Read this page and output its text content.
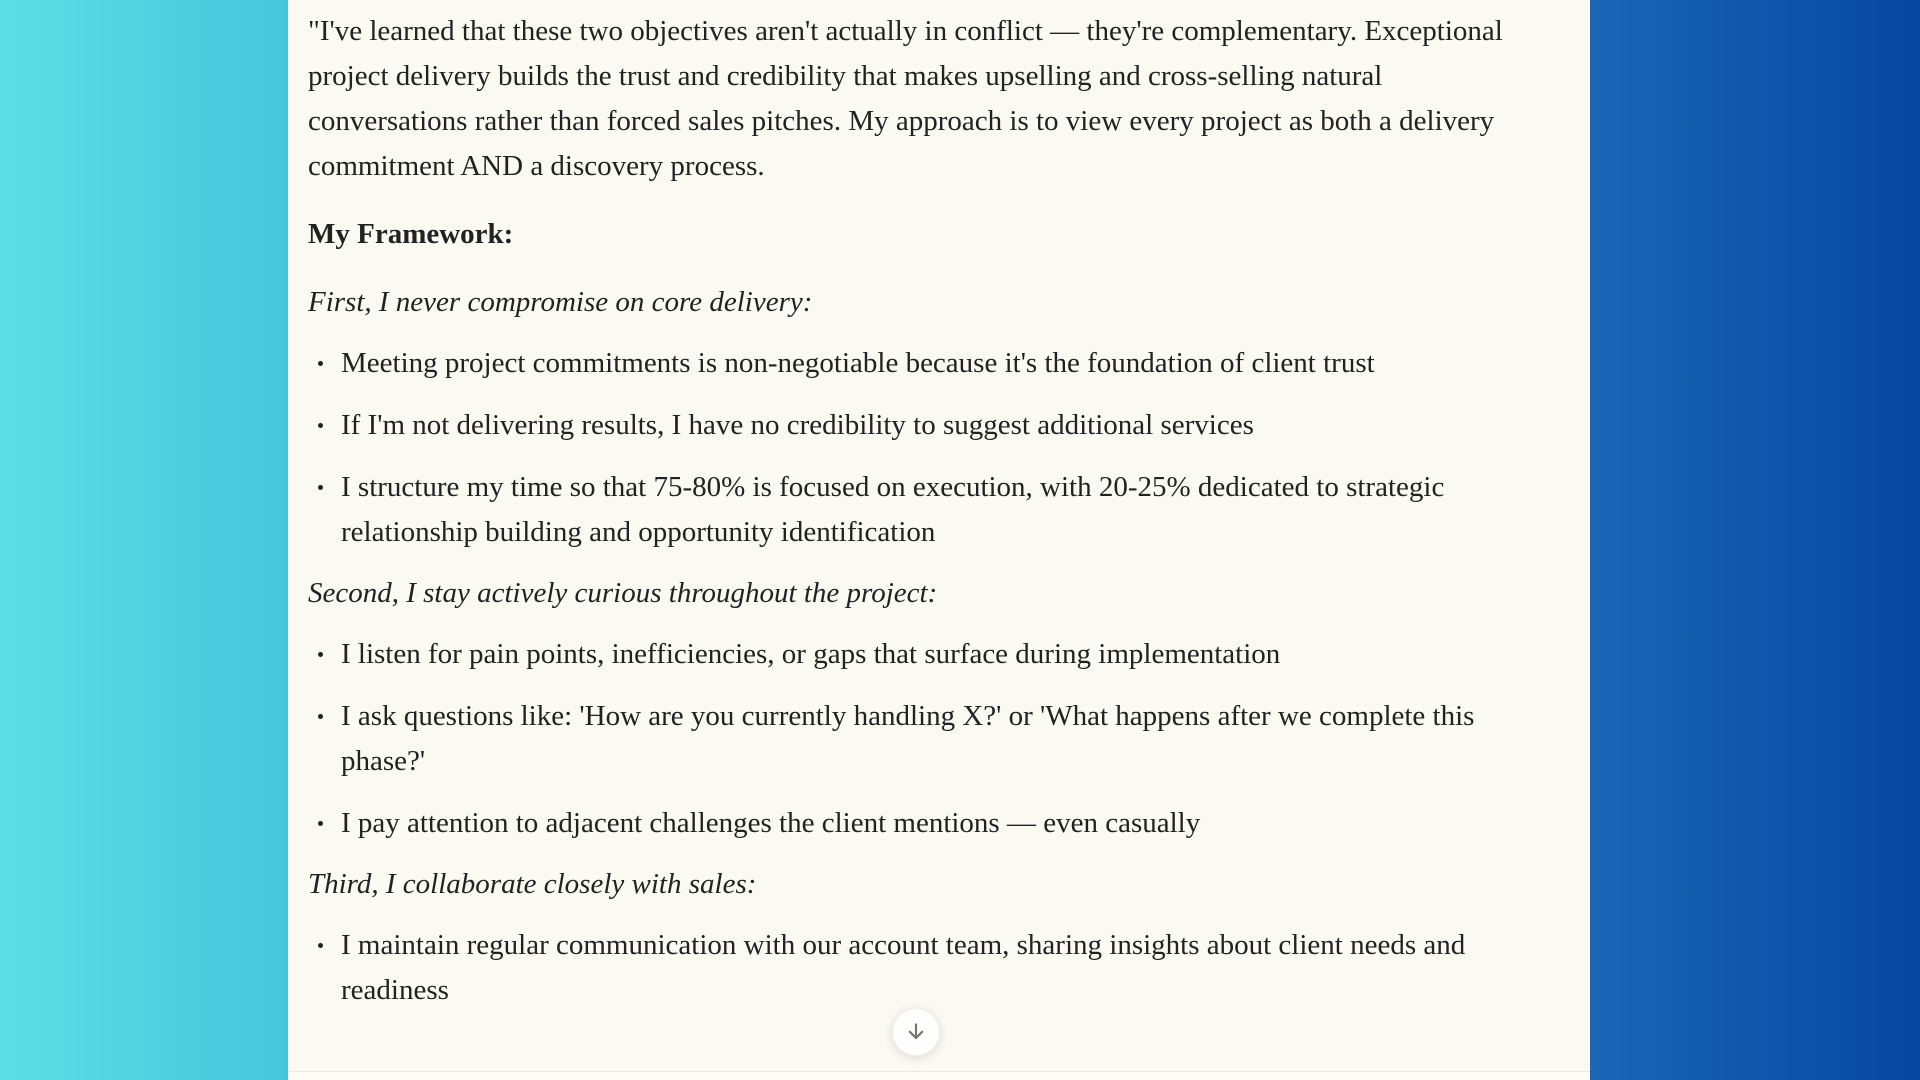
"I've learned that these two objectives aren't actually in conflict — they're complementary. Exceptional project delivery builds the trust and credibility that makes upselling and cross-selling natural conversations rather than forced sales pitches. My approach is to view every project as both a delivery commitment AND a discovery process.

My Framework:

First, I never compromise on core delivery:

Meeting project commitments is non-negotiable because it's the foundation of client trust
If I'm not delivering results, I have no credibility to suggest additional services
I structure my time so that 75-80% is focused on execution, with 20-25% dedicated to strategic relationship building and opportunity identification

Second, I stay actively curious throughout the project:

I listen for pain points, inefficiencies, or gaps that surface during implementation
I ask questions like: 'How are you currently handling X?' or 'What happens after we complete this phase?'
I pay attention to adjacent challenges the client mentions — even casually

Third, I collaborate closely with sales:

I maintain regular communication with our account team, sharing insights about client needs and readiness
